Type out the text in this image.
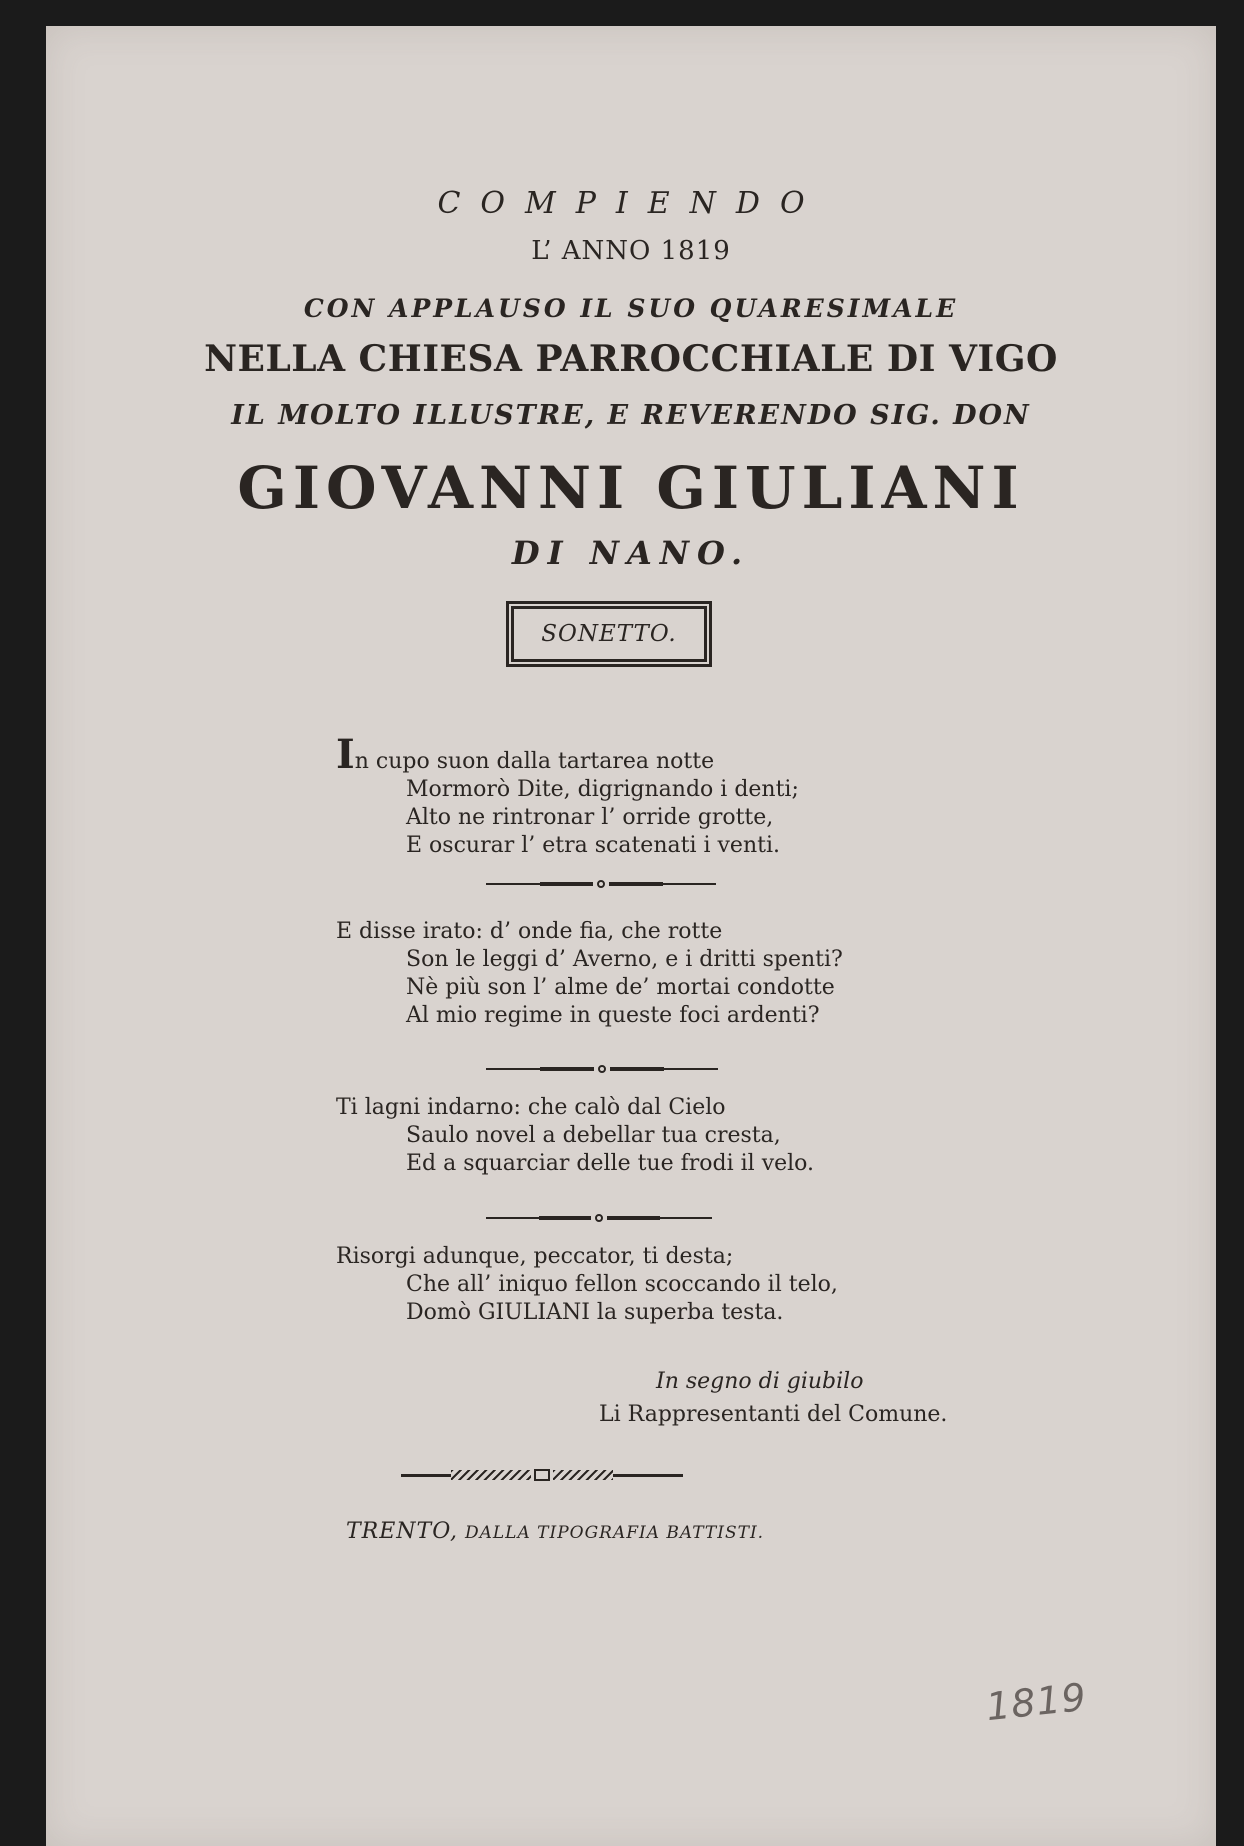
COMPIENDO
L’ ANNO 1819
CON APPLAUSO IL SUO QUARESIMALE
NELLA CHIESA PARROCCHIALE DI VIGO
IL MOLTO ILLUSTRE, E REVERENDO SIG. DON
GIOVANNI GIULIANI
DI NANO.
SONETTO.
In cupo suon dalla tartarea notte
Mormorò Dite, digrignando i denti;
Alto ne rintronar l’ orride grotte,
E oscurar l’ etra scatenati i venti.
E disse irato: d’ onde fia, che rotte
Son le leggi d’ Averno, e i dritti spenti?
Nè più son l’ alme de’ mortai condotte
Al mio regime in queste foci ardenti?
Ti lagni indarno: che calò dal Cielo
Saulo novel a debellar tua cresta,
Ed a squarciar delle tue frodi il velo.
Risorgi adunque, peccator, ti desta;
Che all’ iniquo fellon scoccando il telo,
Domò GIULIANI la superba testa.
In segno di giubilo
Li Rappresentanti del Comune.
TRENTO, DALLA TIPOGRAFIA BATTISTI.
1819
